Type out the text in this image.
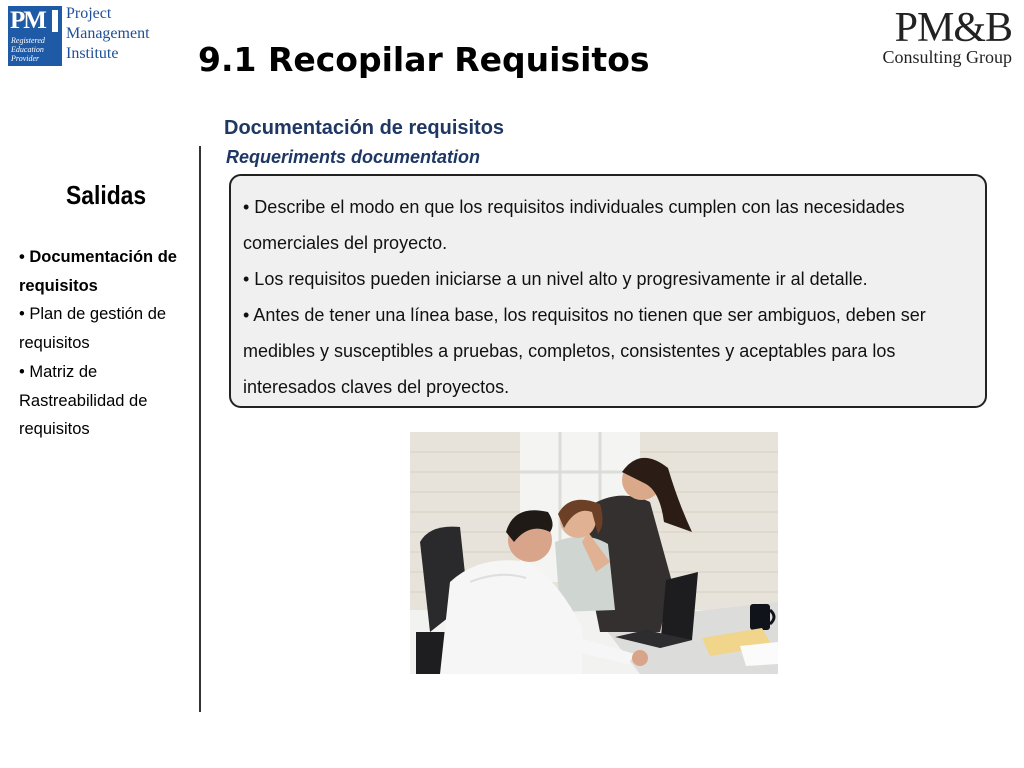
PM
Registered
Education
Provider
Project
Management
Institute
PM&B
Consulting Group
9.1 Recopilar Requisitos
Salidas

• Documentación de requisitos

• Plan de gestión de requisitos

• Matriz de Rastreabilidad de requisitos

Documentación de requisitos
Requeriments documentation

• Describe el modo en que los requisitos individuales cumplen con las necesidades comerciales del proyecto.

• Los requisitos pueden iniciarse a un nivel alto y progresivamente ir al detalle.

• Antes de tener una línea base, los requisitos no tienen que ser ambiguos, deben ser medibles y susceptibles a pruebas, completos, consistentes y aceptables para los interesados claves del proyectos.
